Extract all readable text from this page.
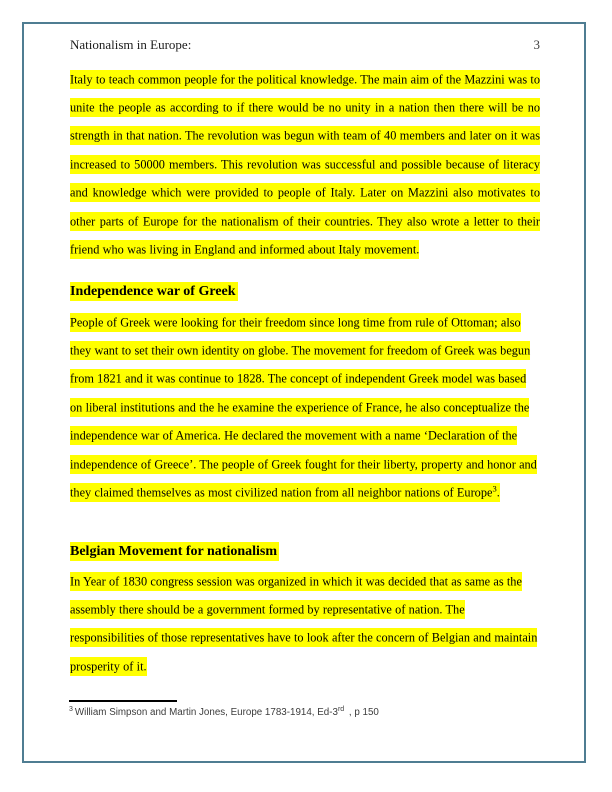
Nationalism in Europe:	3

Italy to teach common people for the political knowledge. The main aim of the Mazzini was to unite the people as according to if there would be no unity in a nation then there will be no strength in that nation. The revolution was begun with team of 40 members and later on it was increased to 50000 members. This revolution was successful and possible because of literacy and knowledge which were provided to people of Italy. Later on Mazzini also motivates to other parts of Europe for the nationalism of their countries. They also wrote a letter to their friend who was living in England and informed about Italy movement.

Independence war of Greek

People of Greek were looking for their freedom since long time from rule of Ottoman; also they want to set their own identity on globe. The movement for freedom of Greek was begun from 1821 and it was continue to 1828. The concept of independent Greek model was based on liberal institutions and the he examine the experience of France, he also conceptualize the independence war of America. He declared the movement with a name ‘Declaration of the independence of Greece’. The people of Greek fought for their liberty, property and honor and they claimed themselves as most civilized nation from all neighbor nations of Europe$^3$.

Belgian Movement for nationalism

In Year of 1830 congress session was organized in which it was decided that as same as the assembly there should be a government formed by representative of nation. The responsibilities of those representatives have to look after the concern of Belgian and maintain prosperity of it.

$^3$ William Simpson and Martin Jones, Europe 1783-1914, Ed-3rd , p 150
